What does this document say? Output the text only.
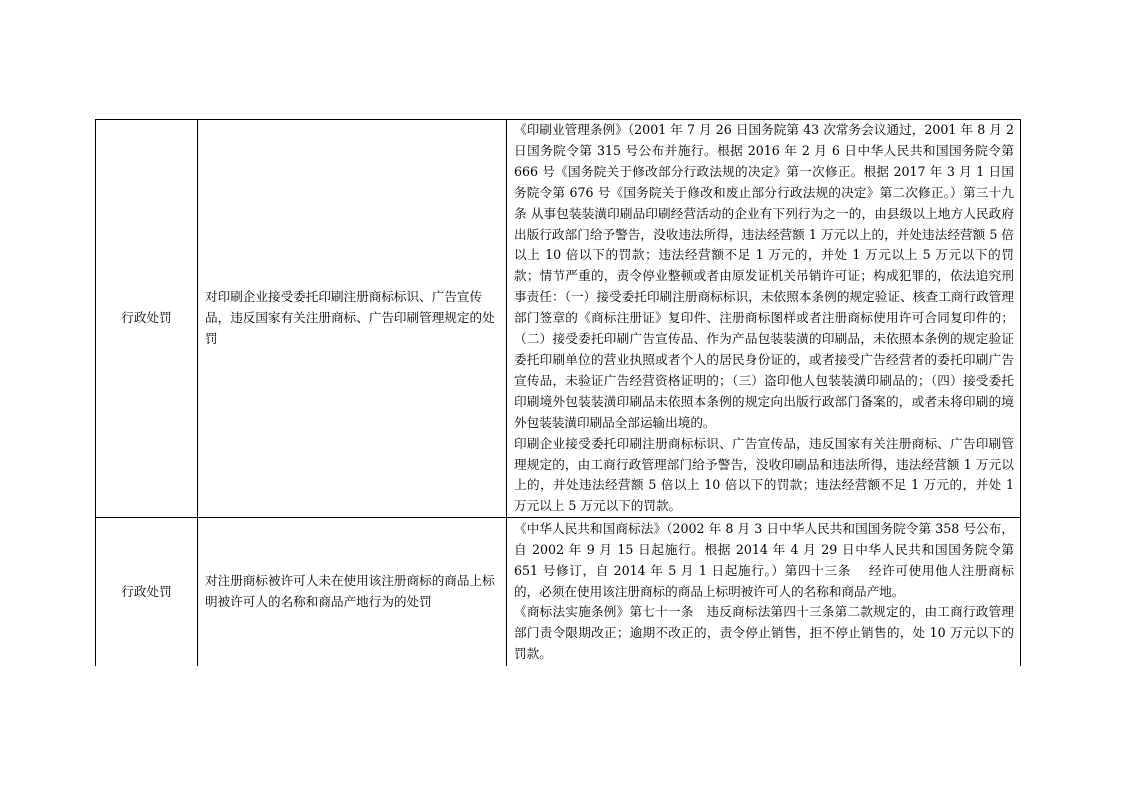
行政处罚	对印刷企业接受委托印刷注册商标标识、广告宣传品，违反国家有关注册商标、广告印刷管理规定的处罚	《印刷业管理条例》（2001 年 7 月 26 日国务院第 43 次常务会议通过，2001 年 8 月 2 日国务院令第 315 号公布并施行。根据 2016 年 2 月 6 日中华人民共和国国务院令第 666 号《国务院关于修改部分行政法规的决定》第一次修正。根据 2017 年 3 月 1 日国务院令第 676 号《国务院关于修改和废止部分行政法规的决定》第二次修正。）第三十九条 从事包装装潢印刷品印刷经营活动的企业有下列行为之一的，由县级以上地方人民政府出版行政部门给予警告，没收违法所得，违法经营额 1 万元以上的，并处违法经营额 5 倍以上 10 倍以下的罚款；违法经营额不足 1 万元的，并处 1 万元以上 5 万元以下的罚款；情节严重的，责令停业整顿或者由原发证机关吊销许可证；构成犯罪的，依法追究刑事责任：（一）接受委托印刷注册商标标识，未依照本条例的规定验证、核查工商行政管理部门签章的《商标注册证》复印件、注册商标图样或者注册商标使用许可合同复印件的；（二）接受委托印刷广告宣传品、作为产品包装装潢的印刷品，未依照本条例的规定验证委托印刷单位的营业执照或者个人的居民身份证的，或者接受广告经营者的委托印刷广告宣传品，未验证广告经营资格证明的；（三）盗印他人包装装潢印刷品的；（四）接受委托印刷境外包装装潢印刷品未依照本条例的规定向出版行政部门备案的，或者未将印刷的境外包装装潢印刷品全部运输出境的。

印刷企业接受委托印刷注册商标标识、广告宣传品，违反国家有关注册商标、广告印刷管理规定的，由工商行政管理部门给予警告，没收印刷品和违法所得，违法经营额 1 万元以上的，并处违法经营额 5 倍以上 10 倍以下的罚款；违法经营额不足 1 万元的，并处 1 万元以上 5 万元以下的罚款。

行政处罚	对注册商标被许可人未在使用该注册商标的商品上标明被许可人的名称和商品产地行为的处罚	《中华人民共和国商标法》（2002 年 8 月 3 日中华人民共和国国务院令第 358 号公布，自 2002 年 9 月 15 日起施行。根据 2014 年 4 月 29 日中华人民共和国国务院令第 651 号修订，自 2014 年 5 月 1 日起施行。）第四十三条　 经许可使用他人注册商标的，必须在使用该注册商标的商品上标明被许可人的名称和商品产地。

《商标法实施条例》第七十一条　违反商标法第四十三条第二款规定的，由工商行政管理部门责令限期改正；逾期不改正的，责令停止销售，拒不停止销售的，处 10 万元以下的罚款。
